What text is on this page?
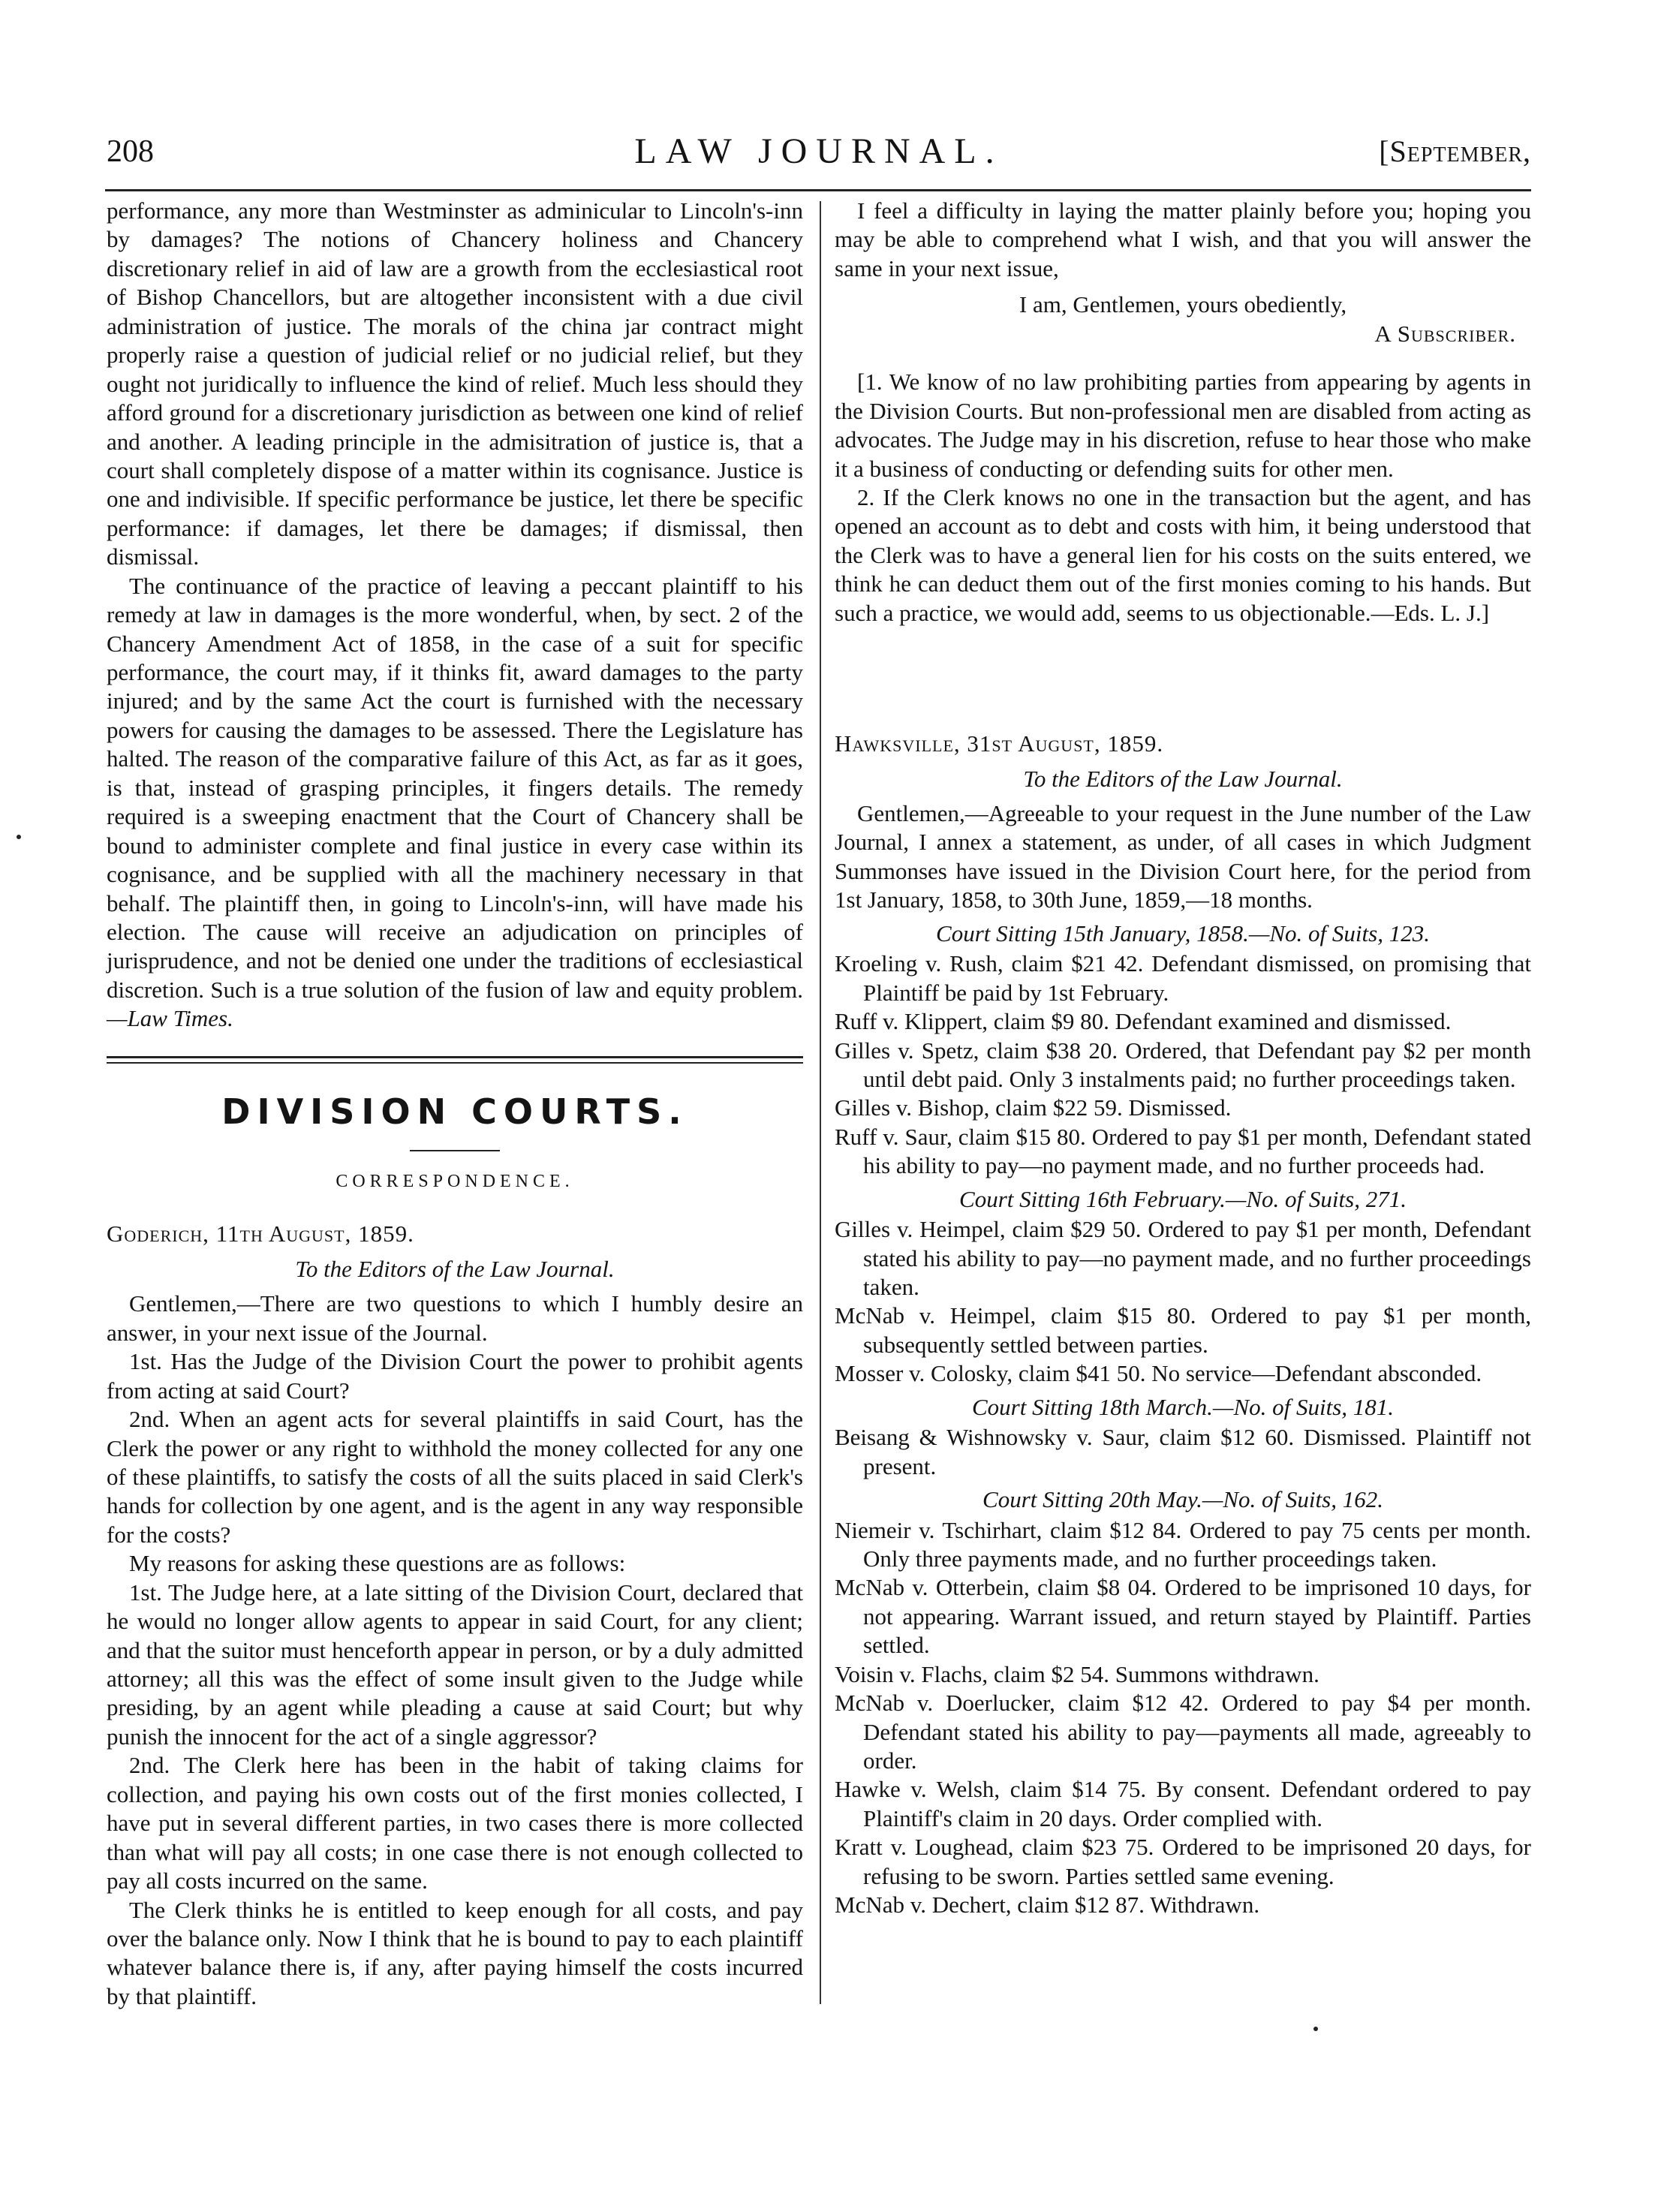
208	LAW JOURNAL.	[September,

performance, any more than Westminster as adminicular to Lincoln's-inn by damages? The notions of Chancery holiness and Chancery discretionary relief in aid of law are a growth from the ecclesiastical root of Bishop Chancellors, but are altogether inconsistent with a due civil administration of justice. The morals of the china jar contract might properly raise a question of judicial relief or no judicial relief, but they ought not juridically to influence the kind of relief. Much less should they afford ground for a discretionary jurisdiction as between one kind of relief and another. A leading principle in the admisitration of justice is, that a court shall completely dispose of a matter within its cognisance. Justice is one and indivisible. If specific performance be justice, let there be specific performance: if damages, let there be damages; if dismissal, then dismissal.

The continuance of the practice of leaving a peccant plaintiff to his remedy at law in damages is the more wonderful, when, by sect. 2 of the Chancery Amendment Act of 1858, in the case of a suit for specific performance, the court may, if it thinks fit, award damages to the party injured; and by the same Act the court is furnished with the necessary powers for causing the damages to be assessed. There the Legislature has halted. The reason of the comparative failure of this Act, as far as it goes, is that, instead of grasping principles, it fingers details. The remedy required is a sweeping enactment that the Court of Chancery shall be bound to administer complete and final justice in every case within its cognisance, and be supplied with all the machinery necessary in that behalf. The plaintiff then, in going to Lincoln's-inn, will have made his election. The cause will receive an adjudication on principles of jurisprudence, and not be denied one under the traditions of ecclesiastical discretion. Such is a true solution of the fusion of law and equity problem.—Law Times.

DIVISION COURTS.
CORRESPONDENCE.

Goderich, 11th August, 1859.

To the Editors of the Law Journal.

Gentlemen,—There are two questions to which I humbly desire an answer, in your next issue of the Journal.

1st. Has the Judge of the Division Court the power to prohibit agents from acting at said Court?

2nd. When an agent acts for several plaintiffs in said Court, has the Clerk the power or any right to withhold the money collected for any one of these plaintiffs, to satisfy the costs of all the suits placed in said Clerk's hands for collection by one agent, and is the agent in any way responsible for the costs?

My reasons for asking these questions are as follows:

1st. The Judge here, at a late sitting of the Division Court, declared that he would no longer allow agents to appear in said Court, for any client; and that the suitor must henceforth appear in person, or by a duly admitted attorney; all this was the effect of some insult given to the Judge while presiding, by an agent while pleading a cause at said Court; but why punish the innocent for the act of a single aggressor?

2nd. The Clerk here has been in the habit of taking claims for collection, and paying his own costs out of the first monies collected, I have put in several different parties, in two cases there is more collected than what will pay all costs; in one case there is not enough collected to pay all costs incurred on the same.

The Clerk thinks he is entitled to keep enough for all costs, and pay over the balance only. Now I think that he is bound to pay to each plaintiff whatever balance there is, if any, after paying himself the costs incurred by that plaintiff.

I feel a difficulty in laying the matter plainly before you; hoping you may be able to comprehend what I wish, and that you will answer the same in your next issue,

I am, Gentlemen, yours obediently,

A Subscriber.

[1. We know of no law prohibiting parties from appearing by agents in the Division Courts. But non-professional men are disabled from acting as advocates. The Judge may in his discretion, refuse to hear those who make it a business of conducting or defending suits for other men.

2. If the Clerk knows no one in the transaction but the agent, and has opened an account as to debt and costs with him, it being understood that the Clerk was to have a general lien for his costs on the suits entered, we think he can deduct them out of the first monies coming to his hands. But such a practice, we would add, seems to us objectionable.—Eds. L. J.]

Hawksville, 31st August, 1859.

To the Editors of the Law Journal.

Gentlemen,—Agreeable to your request in the June number of the Law Journal, I annex a statement, as under, of all cases in which Judgment Summonses have issued in the Division Court here, for the period from 1st January, 1858, to 30th June, 1859,—18 months.

Court Sitting 15th January, 1858.—No. of Suits, 123.

Kroeling v. Rush, claim $21 42. Defendant dismissed, on promising that Plaintiff be paid by 1st February.

Ruff v. Klippert, claim $9 80. Defendant examined and dismissed.

Gilles v. Spetz, claim $38 20. Ordered, that Defendant pay $2 per month until debt paid. Only 3 instalments paid; no further proceedings taken.

Gilles v. Bishop, claim $22 59. Dismissed.

Ruff v. Saur, claim $15 80. Ordered to pay $1 per month, Defendant stated his ability to pay—no payment made, and no further proceeds had.

Court Sitting 16th February.—No. of Suits, 271.

Gilles v. Heimpel, claim $29 50. Ordered to pay $1 per month, Defendant stated his ability to pay—no payment made, and no further proceedings taken.

McNab v. Heimpel, claim $15 80. Ordered to pay $1 per month, subsequently settled between parties.

Mosser v. Colosky, claim $41 50. No service—Defendant absconded.

Court Sitting 18th March.—No. of Suits, 181.

Beisang & Wishnowsky v. Saur, claim $12 60. Dismissed. Plaintiff not present.

Court Sitting 20th May.—No. of Suits, 162.

Niemeir v. Tschirhart, claim $12 84. Ordered to pay 75 cents per month. Only three payments made, and no further proceedings taken.

McNab v. Otterbein, claim $8 04. Ordered to be imprisoned 10 days, for not appearing. Warrant issued, and return stayed by Plaintiff. Parties settled.

Voisin v. Flachs, claim $2 54. Summons withdrawn.

McNab v. Doerlucker, claim $12 42. Ordered to pay $4 per month. Defendant stated his ability to pay—payments all made, agreeably to order.

Hawke v. Welsh, claim $14 75. By consent. Defendant ordered to pay Plaintiff's claim in 20 days. Order complied with.

Kratt v. Loughead, claim $23 75. Ordered to be imprisoned 20 days, for refusing to be sworn. Parties settled same evening.

McNab v. Dechert, claim $12 87. Withdrawn.
